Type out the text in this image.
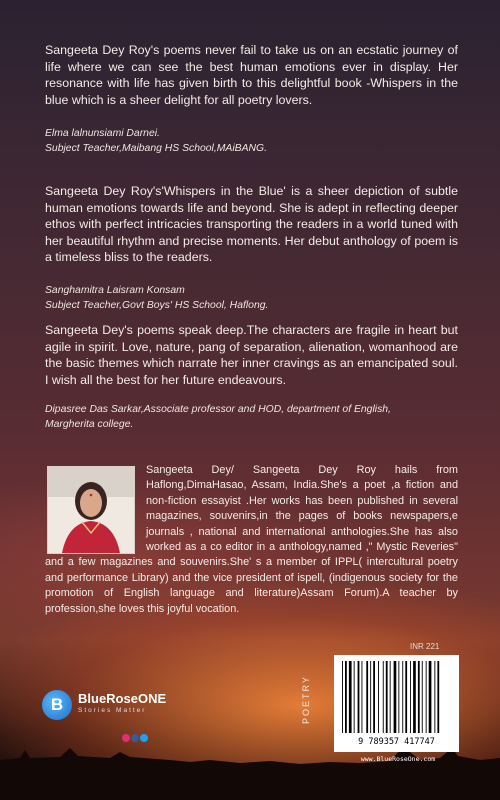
Sangeeta Dey Roy's poems never fail to take us on an ecstatic journey of life where we can see the best human emotions ever in display. Her resonance with life has given birth to this delightful book -Whispers in the blue which is a sheer delight for all poetry lovers.

Elma lalnunsiami Darnei.

Subject Teacher,Maibang HS School,MAiBANG.

Sangeeta Dey Roy's'Whispers in the Blue' is a sheer depiction of subtle human emotions towards life and beyond. She is adept in reflecting deeper ethos with perfect intricacies transporting the readers in a world tuned with her beautiful rhythm and precise moments. Her debut anthology of poem is a timeless bliss to the readers.

Sanghamitra Laisram Konsam

Subject Teacher,Govt Boys' HS School, Haflong.

Sangeeta Dey's poems speak deep.The characters are fragile in heart but agile in spirit. Love, nature, pang of separation, alienation, womanhood are the basic themes which narrate her inner cravings as an emancipated soul. I wish all the best for her future endeavours.

Dipasree Das Sarkar,Associate professor and HOD, department of English,

Margherita college.

Sangeeta Dey/ Sangeeta Dey Roy hails from Haflong,DimaHasao, Assam, India.She's a poet ,a fiction and non-fiction essayist .Her works has been published in several magazines, souvenirs,in the pages of books newspapers,e journals , national and international anthologies.She has also worked as a co editor in a anthology,named ," Mystic Reveries" and a few magazines and souvenirs.She' s a member of IPPL( intercultural poetry and performance Library) and the vice president of ispell, (indigenous society for the promotion of English language and literature)Assam Forum).A teacher by profession,she loves this joyful vocation.

B	BlueRoseONE
Stories Matter
INR 221
POETRY
9 789357 417747
www.BlueRoseOne.com
